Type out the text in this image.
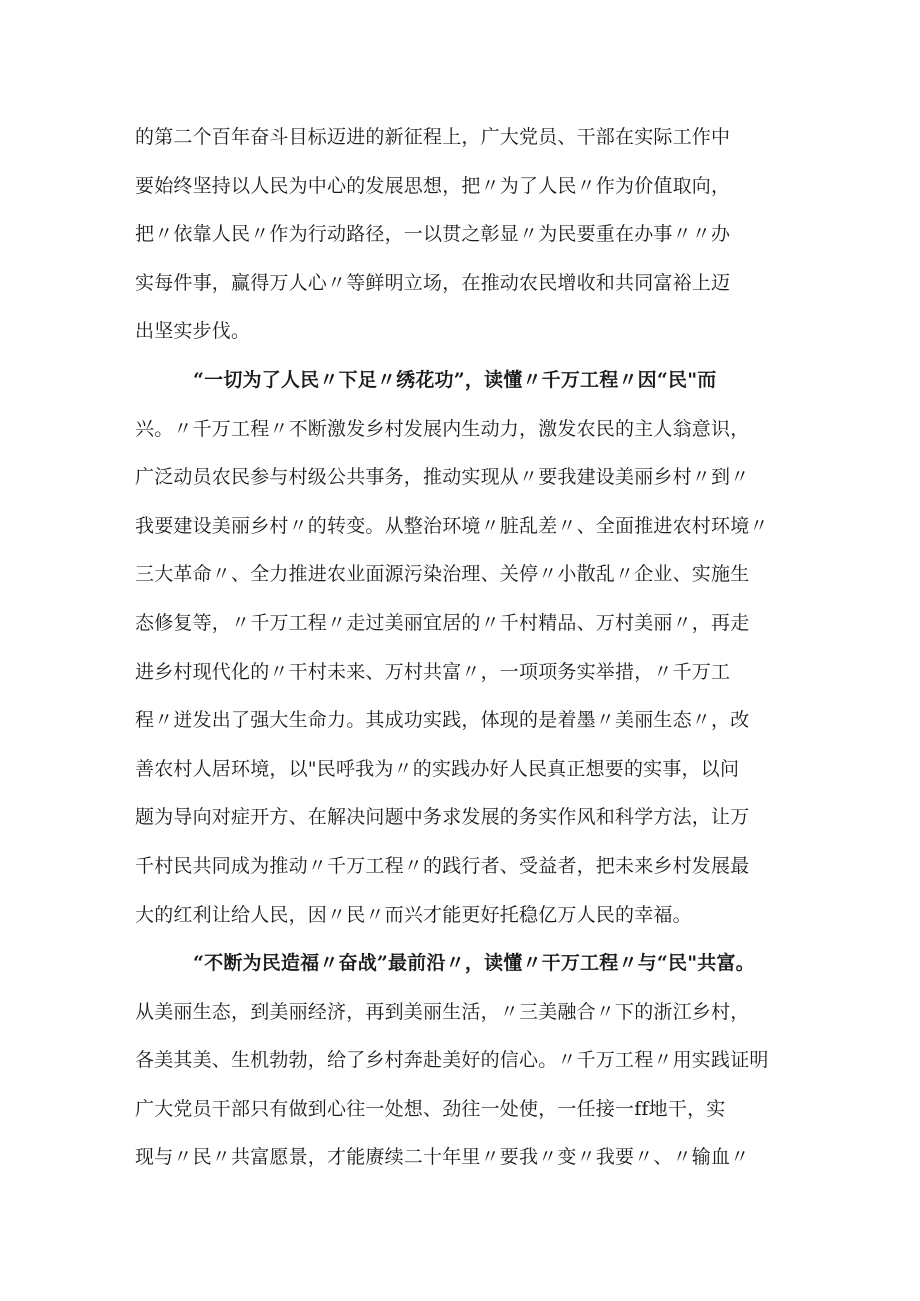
的第二个百年奋斗目标迈进的新征程上，广大党员、干部在实际工作中
要始终坚持以人民为中心的发展思想，把〃为了人民〃作为价值取向，
把〃依靠人民〃作为行动路径，一以贯之彰显〃为民要重在办事〃〃办
实每件事，赢得万人心〃等鲜明立场，在推动农民增收和共同富裕上迈
出坚实步伐。
“一切为了人民〃下足〃绣花功”，读懂〃千万工程〃因“民"而
兴。〃千万工程〃不断激发乡村发展内生动力，激发农民的主人翁意识，
广泛动员农民参与村级公共事务，推动实现从〃要我建设美丽乡村〃到〃
我要建设美丽乡村〃的转变。从整治环境〃脏乱差〃、全面推进农村环境〃
三大革命〃、全力推进农业面源污染治理、关停〃小散乱〃企业、实施生
态修复等，〃千万工程〃走过美丽宜居的〃千村精品、万村美丽〃，再走
进乡村现代化的〃干村未来、万村共富〃，一项项务实举措，〃千万工
程〃迸发出了强大生命力。其成功实践，体现的是着墨〃美丽生态〃，改
善农村人居环境，以"民呼我为〃的实践办好人民真正想要的实事，以问
题为导向对症开方、在解决问题中务求发展的务实作风和科学方法，让万
千村民共同成为推动〃千万工程〃的践行者、受益者，把未来乡村发展最
大的红利让给人民，因〃民〃而兴才能更好托稳亿万人民的幸福。
“不断为民造福〃奋战”最前沿〃，读懂〃干万工程〃与“民"共富。
从美丽生态，到美丽经济，再到美丽生活，〃三美融合〃下的浙江乡村，
各美其美、生机勃勃，给了乡村奔赴美好的信心。〃千万工程〃用实践证明
广大党员干部只有做到心往一处想、劲往一处使，一任接一ff地干，实
现与〃民〃共富愿景，才能赓续二十年里〃要我〃变〃我要〃、〃输血〃
